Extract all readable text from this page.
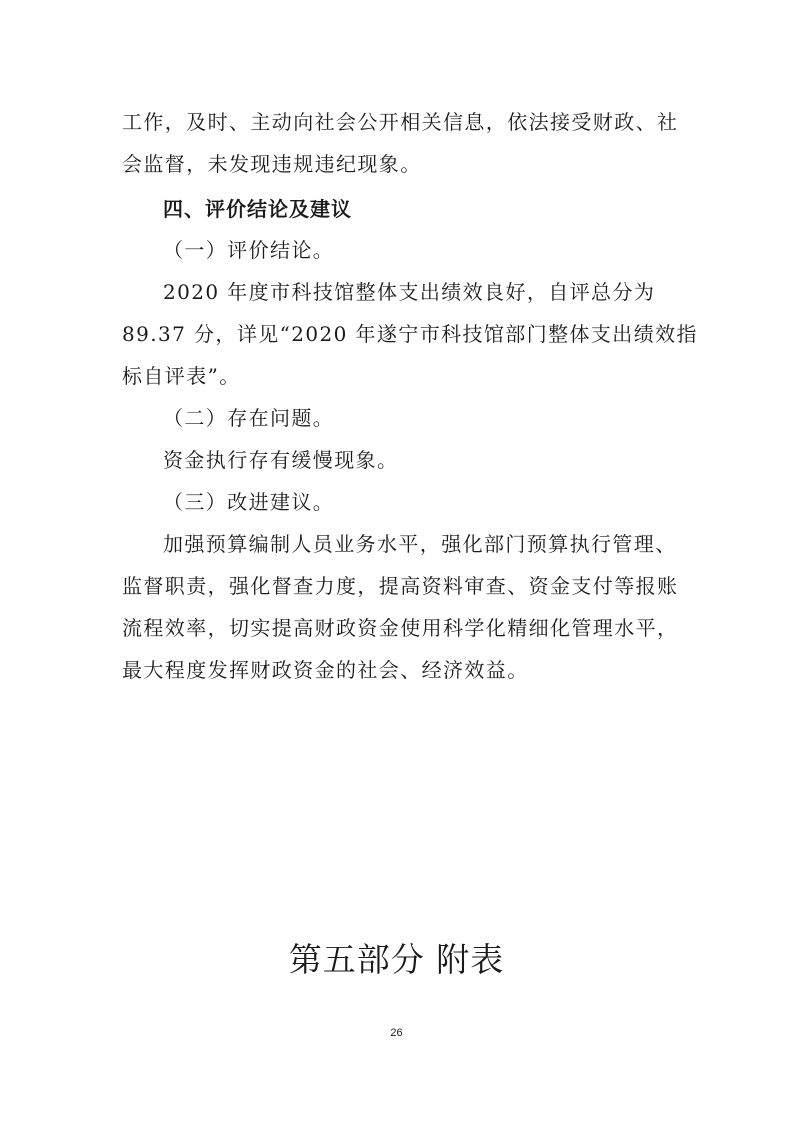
工作，及时、主动向社会公开相关信息，依法接受财政、社
会监督，未发现违规违纪现象。
四、评价结论及建议
（一）评价结论。
2020 年度市科技馆整体支出绩效良好，自评总分为
89.37 分，详见“2020 年遂宁市科技馆部门整体支出绩效指
标自评表”。
（二）存在问题。
资金执行存有缓慢现象。
（三）改进建议。
加强预算编制人员业务水平，强化部门预算执行管理、
监督职责，强化督查力度，提高资料审查、资金支付等报账
流程效率，切实提高财政资金使用科学化精细化管理水平，
最大程度发挥财政资金的社会、经济效益。
第五部分 附表
26
